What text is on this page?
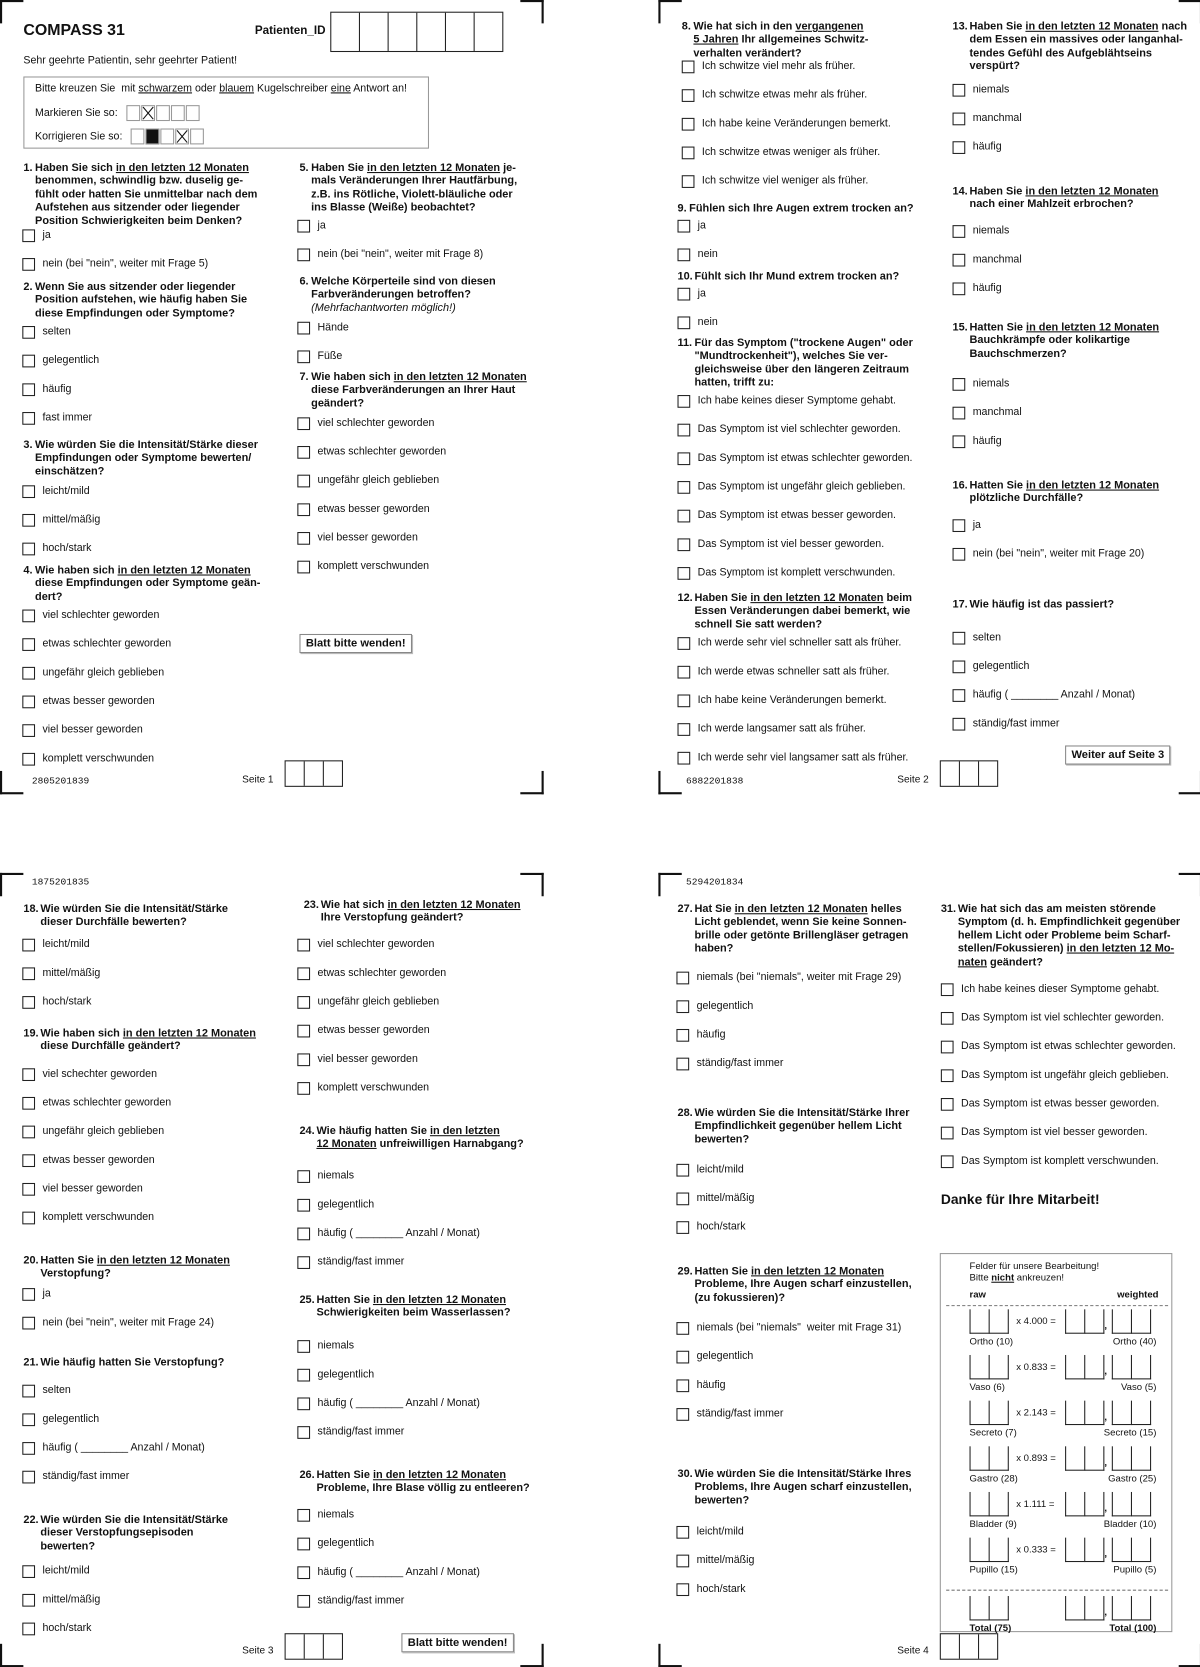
COMPASS 31	Patienten_ID
Sehr geehrte Patientin, sehr geehrter Patient!
Bitte kreuzen Sie  mit schwarzem oder blauem Kugelschreiber eine Antwort an!
Markieren Sie so:
Korrigieren Sie so:
Danke für Ihre Mitarbeit!
Felder für unsere Bearbeitung!
Bitte nicht ankreuzen!
raw	weighted
x 4.000 =	,
Ortho (10)	Ortho (40)
x 0.833 =	,
Vaso (6)	Vaso (5)
x 2.143 =	,
Secreto (7)	Secreto (15)
x 0.893 =	,
Gastro (28)	Gastro (25)
x 1.111 =	,
Bladder (9)	Bladder (10)
x 0.333 =	,
Pupillo (15)	Pupillo (5)
,
Total (75)	Total (100)
2805201839	Seite 1
Blatt bitte wenden!
6882201838	Seite 2
Weiter auf Seite 3
1875201835
Seite 3
Blatt bitte wenden!
5294201834
Seite 4
1. Haben Sie sich in den letzten 12 Monaten
benommen, schwindlig bzw. duselig ge-
fühlt oder hatten Sie unmittelbar nach dem
Aufstehen aus sitzender oder liegender
Position Schwierigkeiten beim Denken?
ja
nein (bei "nein", weiter mit Frage 5)
2. Wenn Sie aus sitzender oder liegender
Position aufstehen, wie häufig haben Sie
diese Empfindungen oder Symptome?
selten
gelegentlich
häufig
fast immer
3. Wie würden Sie die Intensität/Stärke dieser
Empfindungen oder Symptome bewerten/
einschätzen?
leicht/mild
mittel/mäßig
hoch/stark
4. Wie haben sich in den letzten 12 Monaten
diese Empfindungen oder Symptome geän-
dert?
viel schlechter geworden
etwas schlechter geworden
ungefähr gleich geblieben
etwas besser geworden
viel besser geworden
komplett verschwunden
5. Haben Sie in den letzten 12 Monaten je-
mals Veränderungen Ihrer Hautfärbung,
z.B. ins Rötliche, Violett-bläuliche oder
ins Blasse (Weiße) beobachtet?
ja
nein (bei "nein", weiter mit Frage 8)
6. Welche Körperteile sind von diesen
Farbveränderungen betroffen?
(Mehrfachantworten möglich!)
Hände
Füße
7. Wie haben sich in den letzten 12 Monaten
diese Farbveränderungen an Ihrer Haut
geändert?
viel schlechter geworden
etwas schlechter geworden
ungefähr gleich geblieben
etwas besser geworden
viel besser geworden
komplett verschwunden
8. Wie hat sich in den vergangenen
5 Jahren Ihr allgemeines Schwitz-
verhalten verändert?
Ich schwitze viel mehr als früher.
Ich schwitze etwas mehr als früher.
Ich habe keine Veränderungen bemerkt.
Ich schwitze etwas weniger als früher.
Ich schwitze viel weniger als früher.
9. Fühlen sich Ihre Augen extrem trocken an?
ja
nein
10. Fühlt sich Ihr Mund extrem trocken an?
ja
nein
11. Für das Symptom ("trockene Augen" oder
"Mundtrockenheit"), welches Sie ver-
gleichsweise über den längeren Zeitraum
hatten, trifft zu:
Ich habe keines dieser Symptome gehabt.
Das Symptom ist viel schlechter geworden.
Das Symptom ist etwas schlechter geworden.
Das Symptom ist ungefähr gleich geblieben.
Das Symptom ist etwas besser geworden.
Das Symptom ist viel besser geworden.
Das Symptom ist komplett verschwunden.
12. Haben Sie in den letzten 12 Monaten beim
Essen Veränderungen dabei bemerkt, wie
schnell Sie satt werden?
Ich werde sehr viel schneller satt als früher.
Ich werde etwas schneller satt als früher.
Ich habe keine Veränderungen bemerkt.
Ich werde langsamer satt als früher.
Ich werde sehr viel langsamer satt als früher.
13. Haben Sie in den letzten 12 Monaten nach
dem Essen ein massives oder langanhal-
tendes Gefühl des Aufgeblähtseins
verspürt?
niemals
manchmal
häufig
14. Haben Sie in den letzten 12 Monaten
nach einer Mahlzeit erbrochen?
niemals
manchmal
häufig
15. Hatten Sie in den letzten 12 Monaten
Bauchkrämpfe oder kolikartige
Bauchschmerzen?
niemals
manchmal
häufig
16. Hatten Sie in den letzten 12 Monaten
plötzliche Durchfälle?
ja
nein (bei "nein", weiter mit Frage 20)
17. Wie häufig ist das passiert?
selten
gelegentlich
häufig ( ________ Anzahl / Monat)
ständig/fast immer
18. Wie würden Sie die Intensität/Stärke
dieser Durchfälle bewerten?
leicht/mild
mittel/mäßig
hoch/stark
19. Wie haben sich in den letzten 12 Monaten
diese Durchfälle geändert?
viel schechter geworden
etwas schlechter geworden
ungefähr gleich geblieben
etwas besser geworden
viel besser geworden
komplett verschwunden
20. Hatten Sie in den letzten 12 Monaten
Verstopfung?
ja
nein (bei "nein", weiter mit Frage 24)
21. Wie häufig hatten Sie Verstopfung?
selten
gelegentlich
häufig ( ________ Anzahl / Monat)
ständig/fast immer
22. Wie würden Sie die Intensität/Stärke
dieser Verstopfungsepisoden
bewerten?
leicht/mild
mittel/mäßig
hoch/stark
23. Wie hat sich in den letzten 12 Monaten
Ihre Verstopfung geändert?
viel schlechter geworden
etwas schlechter geworden
ungefähr gleich geblieben
etwas besser geworden
viel besser geworden
komplett verschwunden
24. Wie häufig hatten Sie in den letzten
12 Monaten unfreiwilligen Harnabgang?
niemals
gelegentlich
häufig ( ________ Anzahl / Monat)
ständig/fast immer
25. Hatten Sie in den letzten 12 Monaten
Schwierigkeiten beim Wasserlassen?
niemals
gelegentlich
häufig ( ________ Anzahl / Monat)
ständig/fast immer
26. Hatten Sie in den letzten 12 Monaten
Probleme, Ihre Blase völlig zu entleeren?
niemals
gelegentlich
häufig ( ________ Anzahl / Monat)
ständig/fast immer
27. Hat Sie in den letzten 12 Monaten helles
Licht geblendet, wenn Sie keine Sonnen-
brille oder getönte Brillengläser getragen
haben?
niemals (bei "niemals", weiter mit Frage 29)
gelegentlich
häufig
ständig/fast immer
28. Wie würden Sie die Intensität/Stärke Ihrer
Empfindlichkeit gegenüber hellem Licht
bewerten?
leicht/mild
mittel/mäßig
hoch/stark
29. Hatten Sie in den letzten 12 Monaten
Probleme, Ihre Augen scharf einzustellen,
(zu fokussieren)?
niemals (bei "niemals"  weiter mit Frage 31)
gelegentlich
häufig
ständig/fast immer
30. Wie würden Sie die Intensität/Stärke Ihres
Problems, Ihre Augen scharf einzustellen,
bewerten?
leicht/mild
mittel/mäßig
hoch/stark
31. Wie hat sich das am meisten störende
Symptom (d. h. Empfindlichkeit gegenüber
hellem Licht oder Probleme beim Scharf-
stellen/Fokussieren) in den letzten 12 Mo-
naten geändert?
Ich habe keines dieser Symptome gehabt.
Das Symptom ist viel schlechter geworden.
Das Symptom ist etwas schlechter geworden.
Das Symptom ist ungefähr gleich geblieben.
Das Symptom ist etwas besser geworden.
Das Symptom ist viel besser geworden.
Das Symptom ist komplett verschwunden.
